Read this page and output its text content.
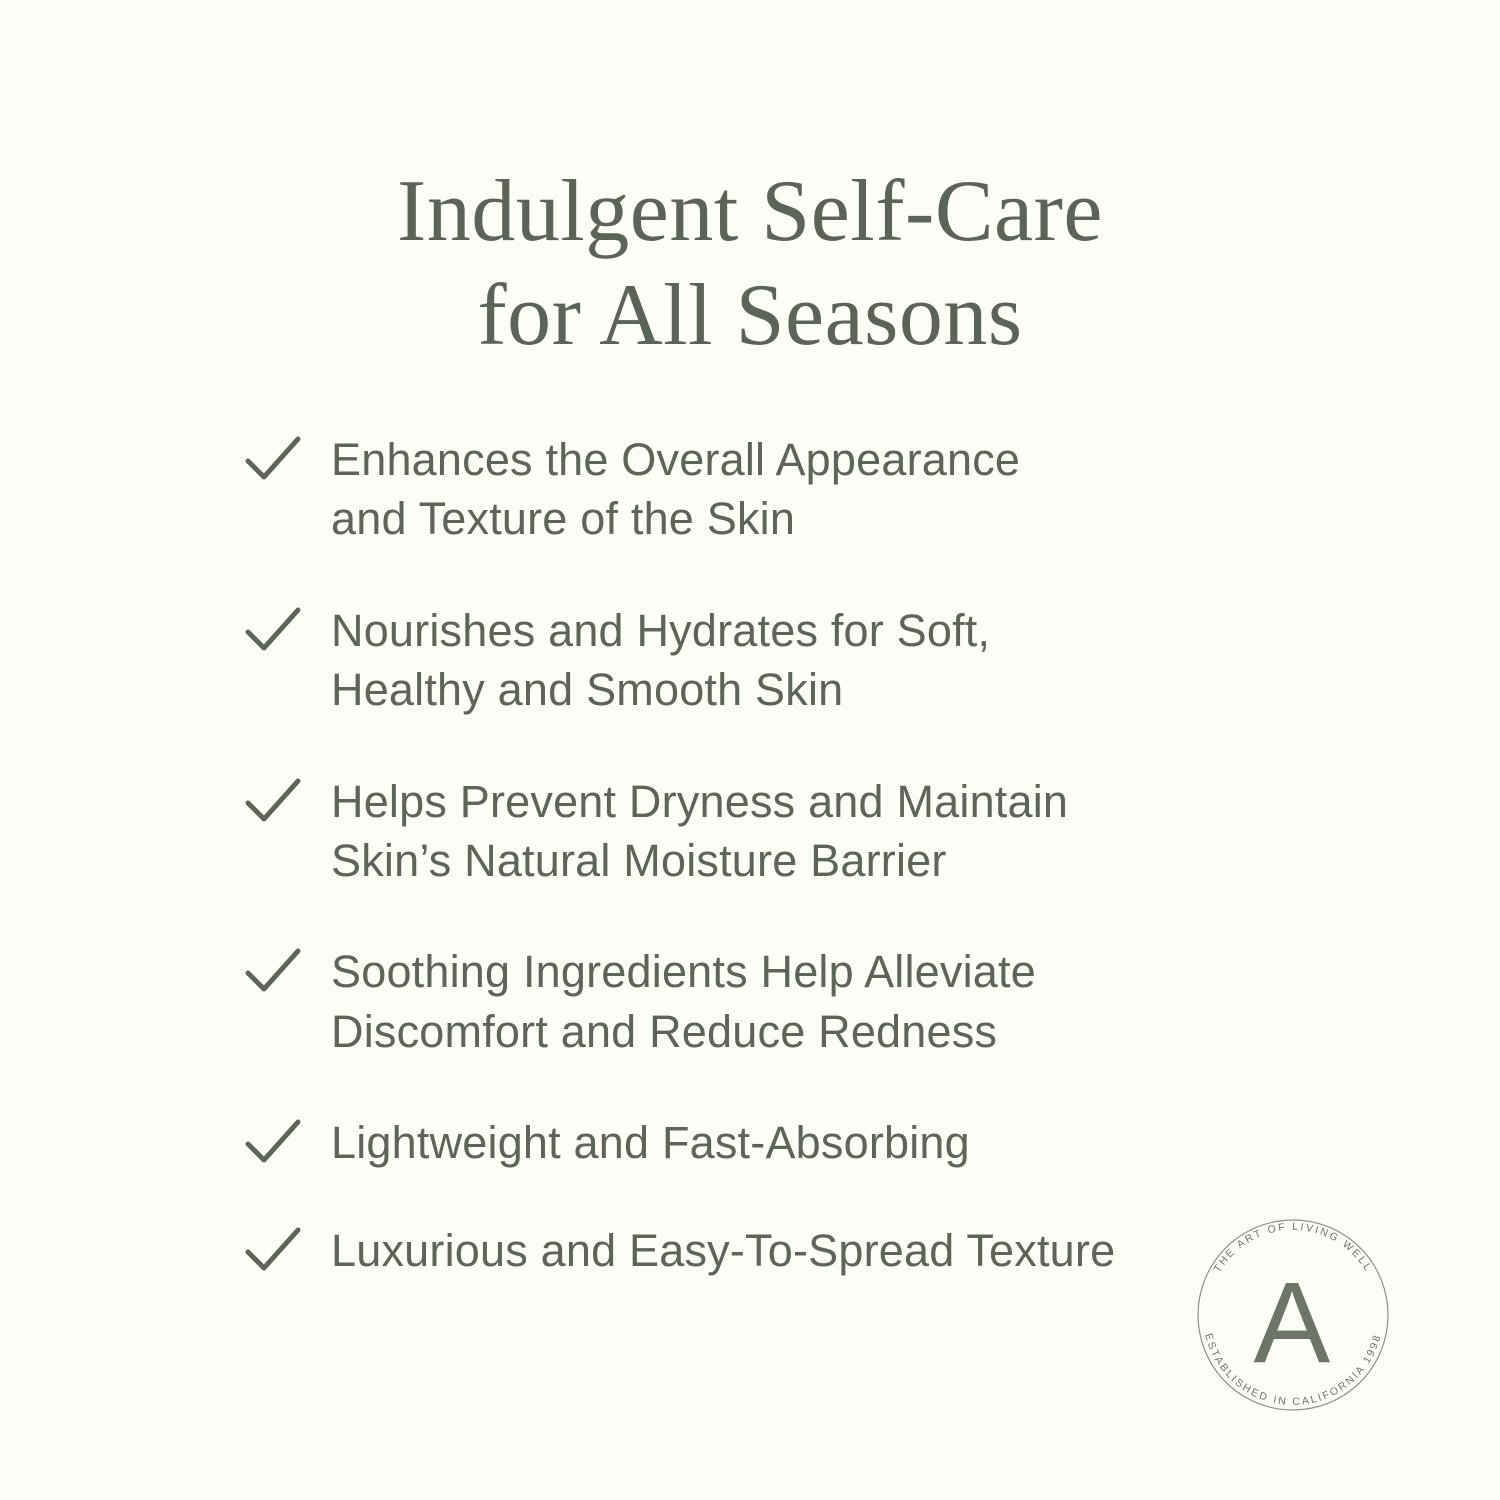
Indulgent Self-Care
for All Seasons
Enhances the Overall Appearance
and Texture of the Skin
Nourishes and Hydrates for Soft,
Healthy and Smooth Skin
Helps Prevent Dryness and Maintain
Skin’s Natural Moisture Barrier
Soothing Ingredients Help Alleviate
Discomfort and Reduce Redness
Lightweight and Fast-Absorbing
Luxurious and Easy-To-Spread Texture	THE ART OF LIVING WELL
ESTABLISHED IN CALIFORNIA 1998
A
